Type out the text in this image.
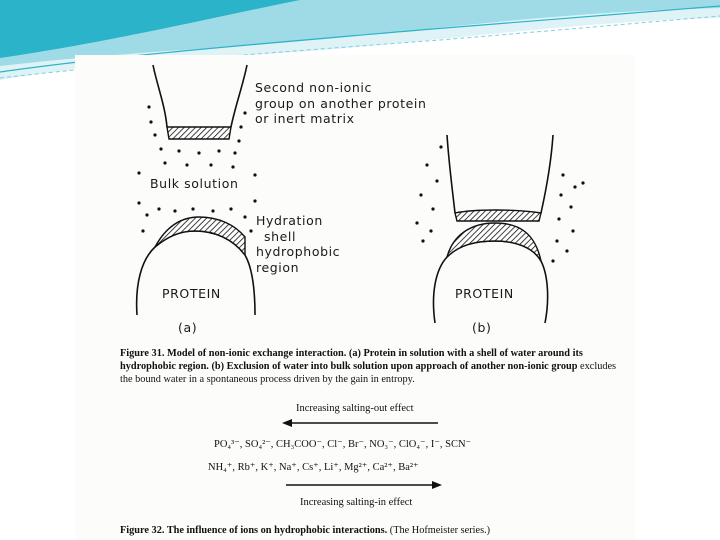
Second non-ionic
group on another protein
or inert matrix
Bulk solution
Hydration
shell
hydrophobic
region
PROTEIN	PROTEIN
(a)	(b)
Figure 31. Model of non-ionic exchange interaction. (a) Protein in solution with a shell of water around its hydrophobic region. (b) Exclusion of water into bulk solution upon approach of another non-ionic group excludes the bound water in a spontaneous process driven by the gain in entropy.
Increasing salting-out effect
PO₄³⁻, SO₄²⁻, CH₃COO⁻, Cl⁻, Br⁻, NO₃⁻, ClO₄⁻, I⁻, SCN⁻
NH₄⁺, Rb⁺, K⁺, Na⁺, Cs⁺, Li⁺, Mg²⁺, Ca²⁺, Ba²⁺
Increasing salting-in effect
Figure 32. The influence of ions on hydrophobic interactions. (The Hofmeister series.)
